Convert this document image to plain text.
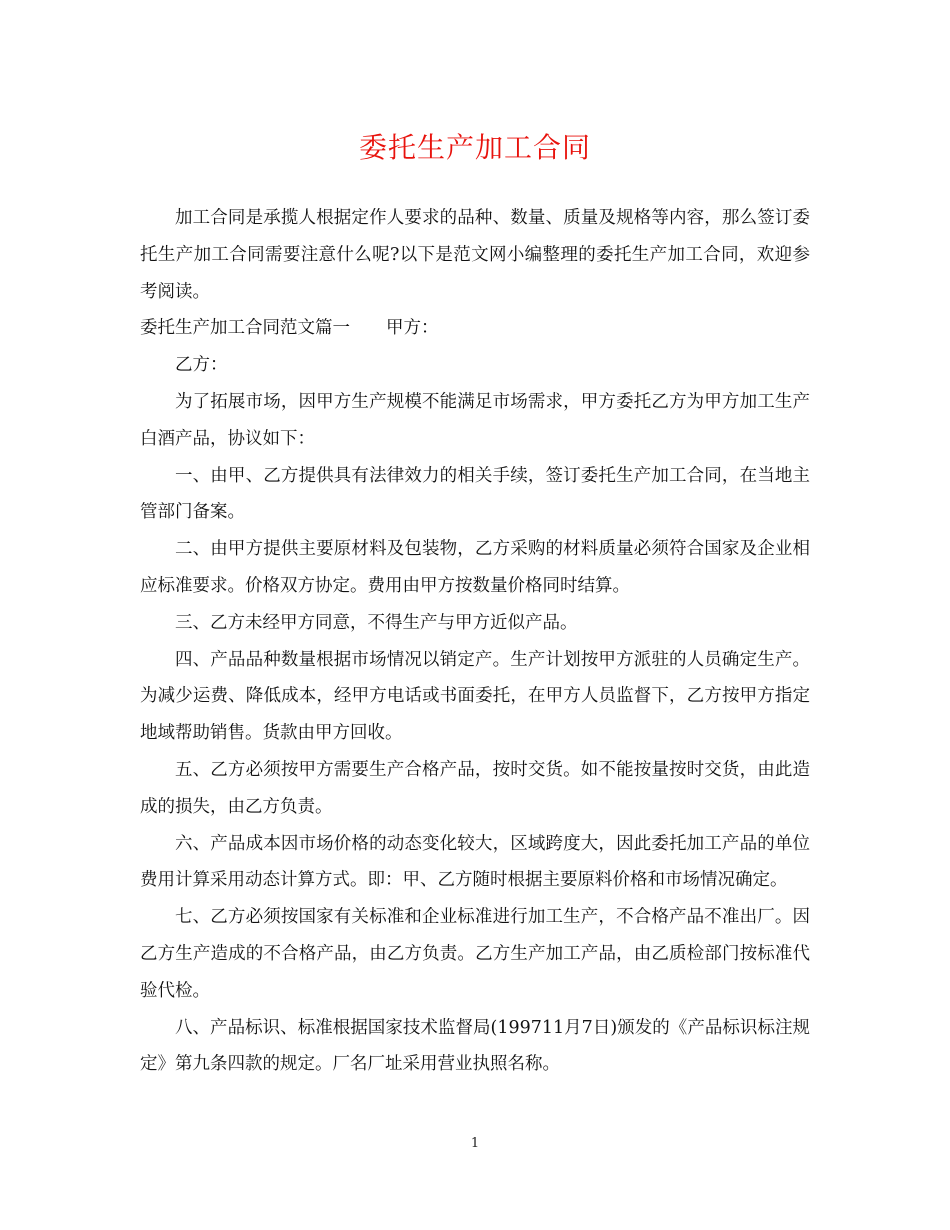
委托生产加工合同

加工合同是承揽人根据定作人要求的品种、数量、质量及规格等内容，那么签订委托生产加工合同需要注意什么呢?以下是范文网小编整理的委托生产加工合同，欢迎参考阅读。

委托生产加工合同范文篇一 甲方：

乙方：

为了拓展市场，因甲方生产规模不能满足市场需求，甲方委托乙方为甲方加工生产白酒产品，协议如下：

一、由甲、乙方提供具有法律效力的相关手续，签订委托生产加工合同，在当地主管部门备案。

二、由甲方提供主要原材料及包装物，乙方采购的材料质量必须符合国家及企业相应标准要求。价格双方协定。费用由甲方按数量价格同时结算。

三、乙方未经甲方同意，不得生产与甲方近似产品。

四、产品品种数量根据市场情况以销定产。生产计划按甲方派驻的人员确定生产。为减少运费、降低成本，经甲方电话或书面委托，在甲方人员监督下，乙方按甲方指定地域帮助销售。货款由甲方回收。

五、乙方必须按甲方需要生产合格产品，按时交货。如不能按量按时交货，由此造成的损失，由乙方负责。

六、产品成本因市场价格的动态变化较大，区域跨度大，因此委托加工产品的单位费用计算采用动态计算方式。即：甲、乙方随时根据主要原料价格和市场情况确定。

七、乙方必须按国家有关标准和企业标准进行加工生产，不合格产品不准出厂。因乙方生产造成的不合格产品，由乙方负责。乙方生产加工产品，由乙质检部门按标准代验代检。

八、产品标识、标准根据国家技术监督局(199711月7日)颁发的《产品标识标注规定》第九条四款的规定。厂名厂址采用营业执照名称。

1
